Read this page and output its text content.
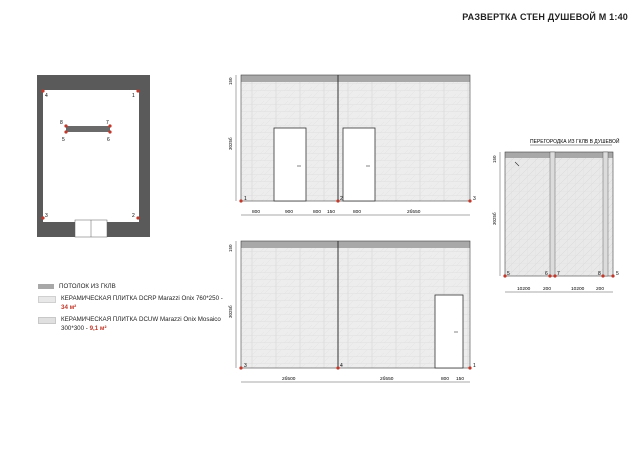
РАЗВЕРТКА СТЕН ДУШЕВОЙ М 1:40
4	1
3	2
8
5
7
6
150
3025б
800	900	800 150	800	2б550
1	2	3
150
3025б
2б500	2б550	800 150
3	4	1
ПЕРЕГОРОДКА ИЗ ГКЛВ В ДУШЕВОЙ
150
3025б
10200	200	10200 200
5	6 7	8	5
ПОТОЛОК ИЗ ГКЛВ
КЕРАМИЧЕСКАЯ ПЛИТКА DCRP Marazzi Onix 760*250 - 34 м²
КЕРАМИЧЕСКАЯ ПЛИТКА DCUW Marazzi Onix Mosaico 300*300 - 9,1 м²
